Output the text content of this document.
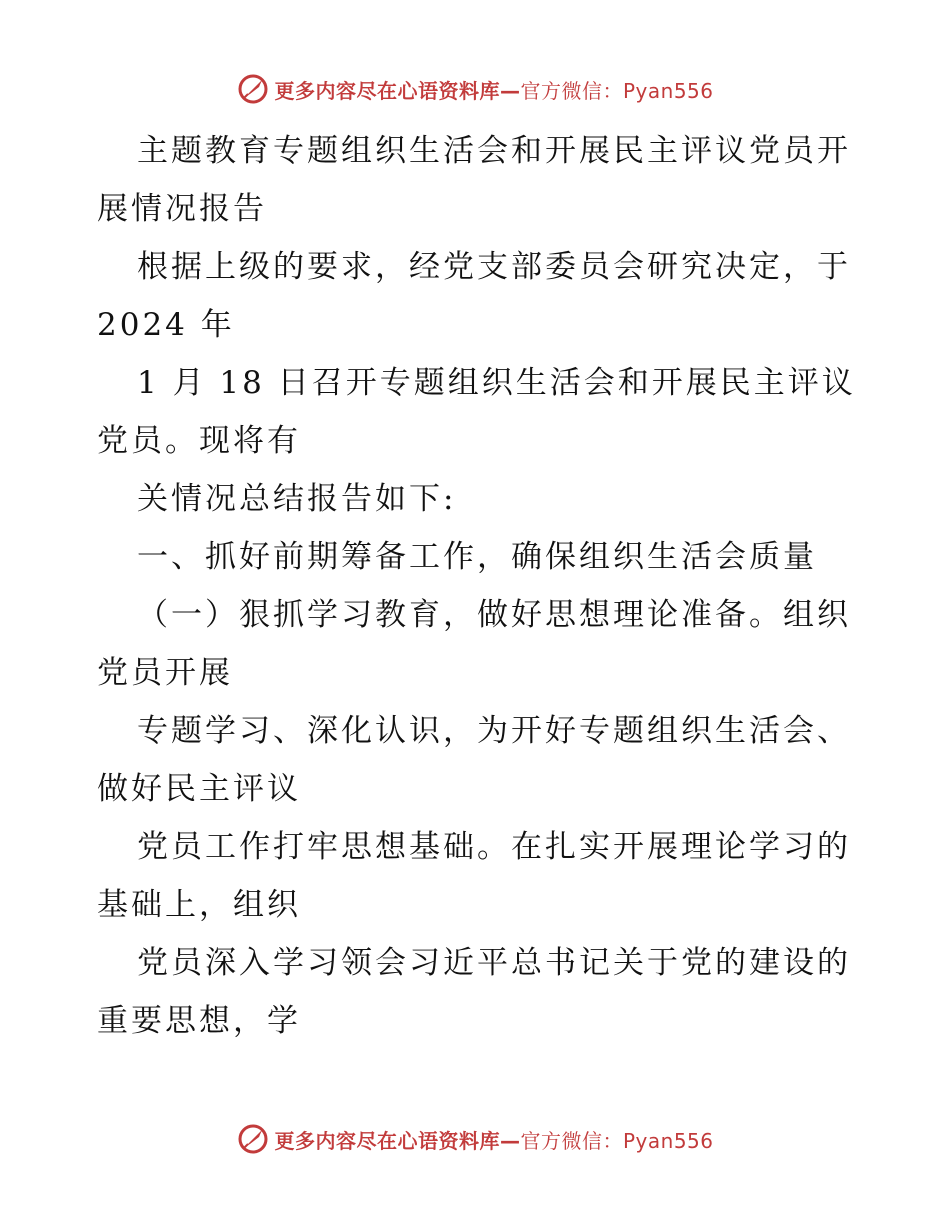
更多内容尽在心语资料库—官方微信：Pyan556
主题教育专题组织生活会和开展民主评议党员开
展情况报告
根据上级的要求，经党支部委员会研究决定，于
2024 年
1 月 18 日召开专题组织生活会和开展民主评议
党员。现将有
关情况总结报告如下:
一、抓好前期筹备工作，确保组织生活会质量
（一）狠抓学习教育，做好思想理论准备。组织
党员开展
专题学习、深化认识，为开好专题组织生活会、
做好民主评议
党员工作打牢思想基础。在扎实开展理论学习的
基础上，组织
党员深入学习领会习近平总书记关于党的建设的
重要思想，学
更多内容尽在心语资料库—官方微信：Pyan556
